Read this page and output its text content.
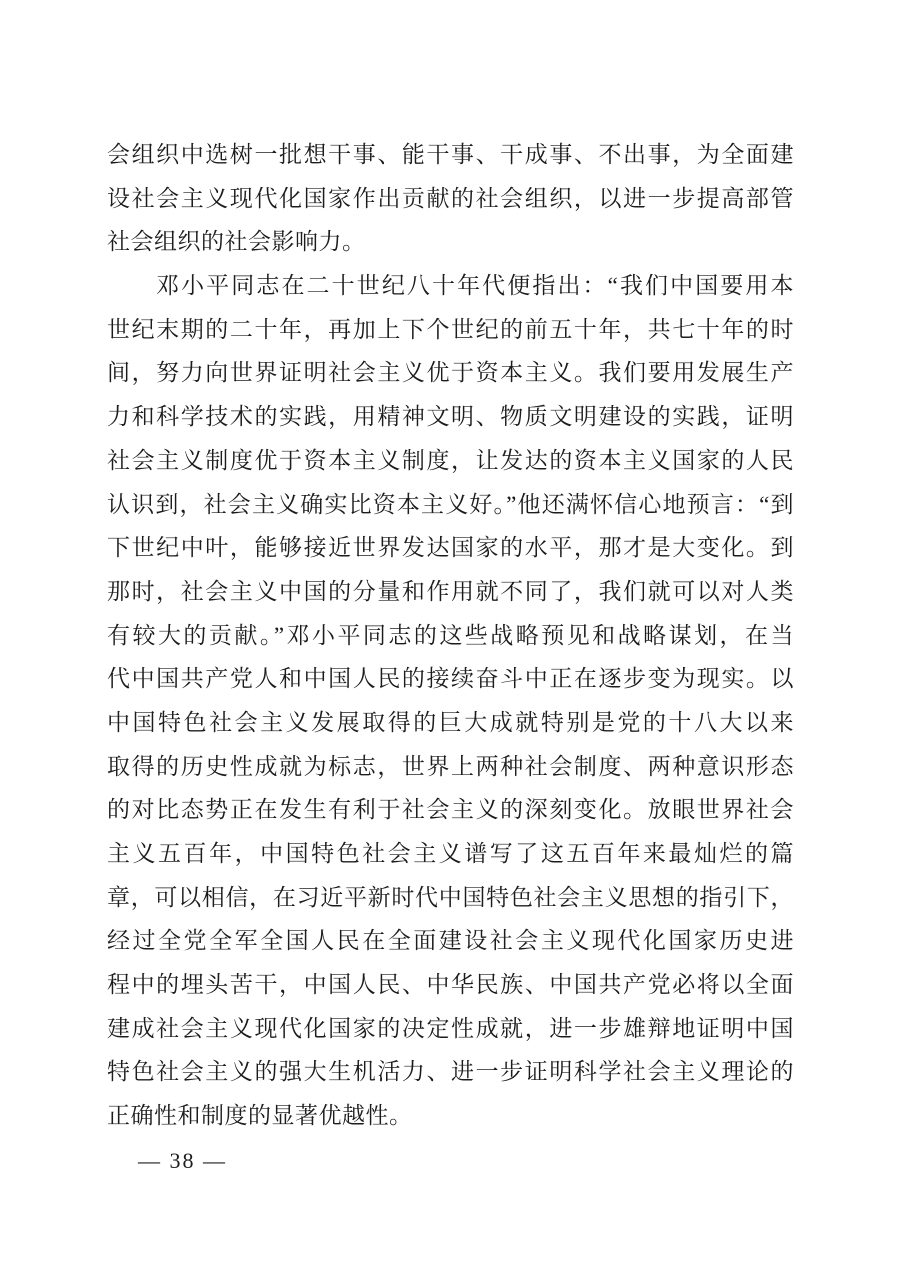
会组织中选树一批想干事、能干事、干成事、不出事，为全面建
设社会主义现代化国家作出贡献的社会组织，以进一步提高部管
社会组织的社会影响力。
邓小平同志在二十世纪八十年代便指出：“我们中国要用本
世纪末期的二十年，再加上下个世纪的前五十年，共七十年的时
间，努力向世界证明社会主义优于资本主义。我们要用发展生产
力和科学技术的实践，用精神文明、物质文明建设的实践，证明
社会主义制度优于资本主义制度，让发达的资本主义国家的人民
认识到，社会主义确实比资本主义好。”他还满怀信心地预言：“到
下世纪中叶，能够接近世界发达国家的水平，那才是大变化。到
那时，社会主义中国的分量和作用就不同了，我们就可以对人类
有较大的贡献。”邓小平同志的这些战略预见和战略谋划，在当
代中国共产党人和中国人民的接续奋斗中正在逐步变为现实。以
中国特色社会主义发展取得的巨大成就特别是党的十八大以来
取得的历史性成就为标志，世界上两种社会制度、两种意识形态
的对比态势正在发生有利于社会主义的深刻变化。放眼世界社会
主义五百年，中国特色社会主义谱写了这五百年来最灿烂的篇
章，可以相信，在习近平新时代中国特色社会主义思想的指引下，
经过全党全军全国人民在全面建设社会主义现代化国家历史进
程中的埋头苦干，中国人民、中华民族、中国共产党必将以全面
建成社会主义现代化国家的决定性成就，进一步雄辩地证明中国
特色社会主义的强大生机活力、进一步证明科学社会主义理论的
正确性和制度的显著优越性。
— 38 —
